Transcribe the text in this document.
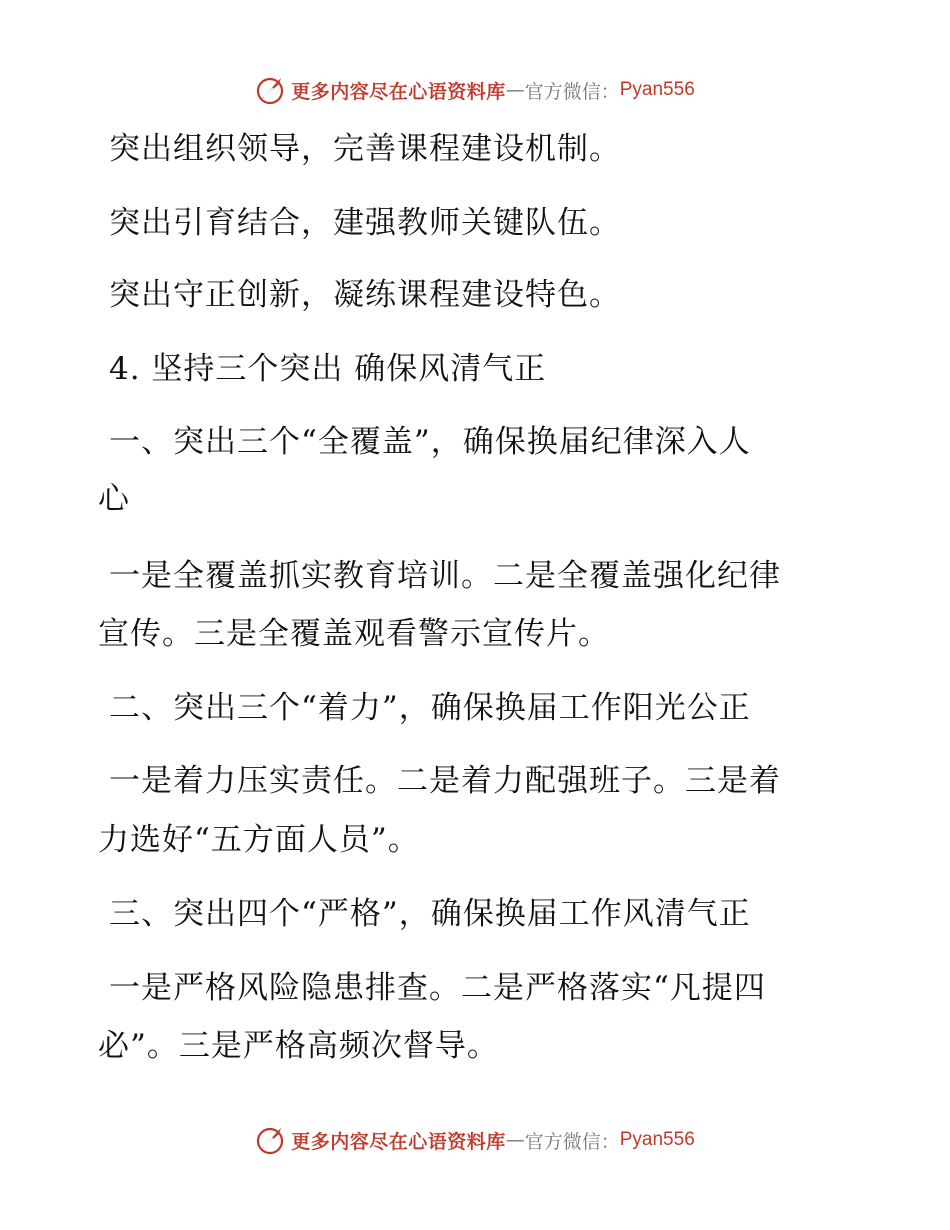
更多内容尽在心语资料库 — 官方微信： Pyan556
突出组织领导，完善课程建设机制。
突出引育结合，建强教师关键队伍。
突出守正创新，凝练课程建设特色。
4. 坚持三个突出 确保风清气正
一、突出三个“全覆盖”，确保换届纪律深入人
心
一是全覆盖抓实教育培训。二是全覆盖强化纪律
宣传。三是全覆盖观看警示宣传片。
二、突出三个“着力”，确保换届工作阳光公正
一是着力压实责任。二是着力配强班子。三是着
力选好“五方面人员”。
三、突出四个“严格”，确保换届工作风清气正
一是严格风险隐患排查。二是严格落实“凡提四
必”。三是严格高频次督导。
更多内容尽在心语资料库 — 官方微信： Pyan556
